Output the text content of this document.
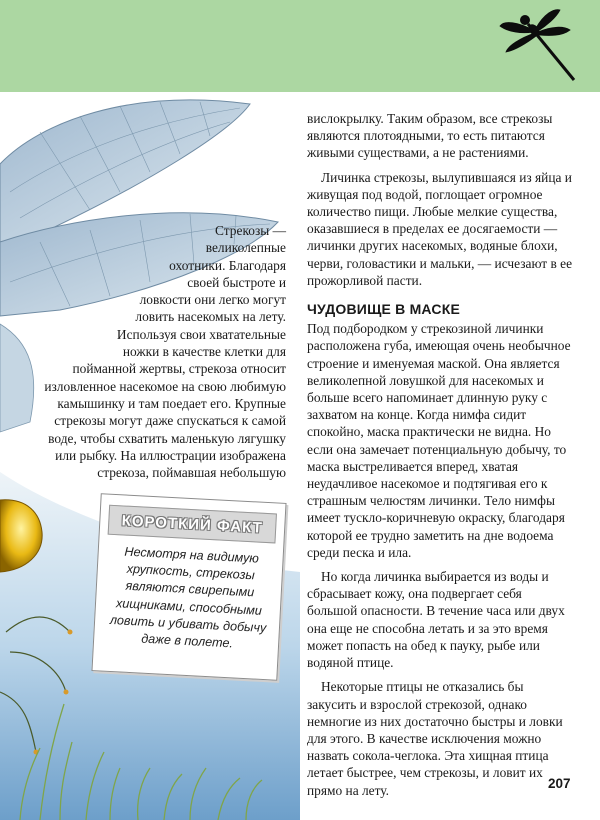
Стрекозы —

великолепные

охотники. Благодаря

своей быстроте и

ловкости они легко могут

ловить насекомых на лету.

Используя свои хватательные

ножки в качестве клетки для

пойманной жертвы, стрекоза относит

изловленное насекомое на свою любимую

камышинку и там поедает его. Крупные

стрекозы могут даже спускаться к самой

воде, чтобы схватить маленькую лягушку

или рыбку. На иллюстрации изображена

стрекоза, поймавшая небольшую

КОРОТКИЙ ФАКТ
Несмотря на видимую хрупкость, стрекозы являются свирепыми хищниками, способными ловить и убивать добычу даже в полете.

вислокрылку. Таким образом, все стрекозы являются плотоядными, то есть питаются живыми существами, а не растениями.

Личинка стрекозы, вылупившаяся из яйца и живущая под водой, поглощает огромное количество пищи. Любые мелкие существа, оказавшиеся в пределах ее досягаемости — личинки других насекомых, водяные блохи, черви, головастики и мальки, — исчезают в ее прожорливой пасти.

ЧУДОВИЩЕ В МАСКЕ

Под подбородком у стрекозиной личинки расположена губа, имеющая очень необычное строение и именуемая маской. Она является великолепной ловушкой для насекомых и больше всего напоминает длинную руку с захватом на конце. Когда нимфа сидит спокойно, маска практически не видна. Но если она замечает потенциальную добычу, то маска выстреливается вперед, хватая неудачливое насекомое и подтягивая его к страшным челюстям личинки. Тело нимфы имеет тускло-коричневую окраску, благодаря которой ее трудно заметить на дне водоема среди песка и ила.

Но когда личинка выбирается из воды и сбрасывает кожу, она подвергает себя большой опасности. В течение часа или двух она еще не способна летать и за это время может попасть на обед к пауку, рыбе или водяной птице.

Некоторые птицы не отказались бы закусить и взрослой стрекозой, однако немногие из них достаточно быстры и ловки для этого. В качестве исключения можно назвать сокола-чеглока. Эта хищная птица летает быстрее, чем стрекозы, и ловит их прямо на лету.	207
